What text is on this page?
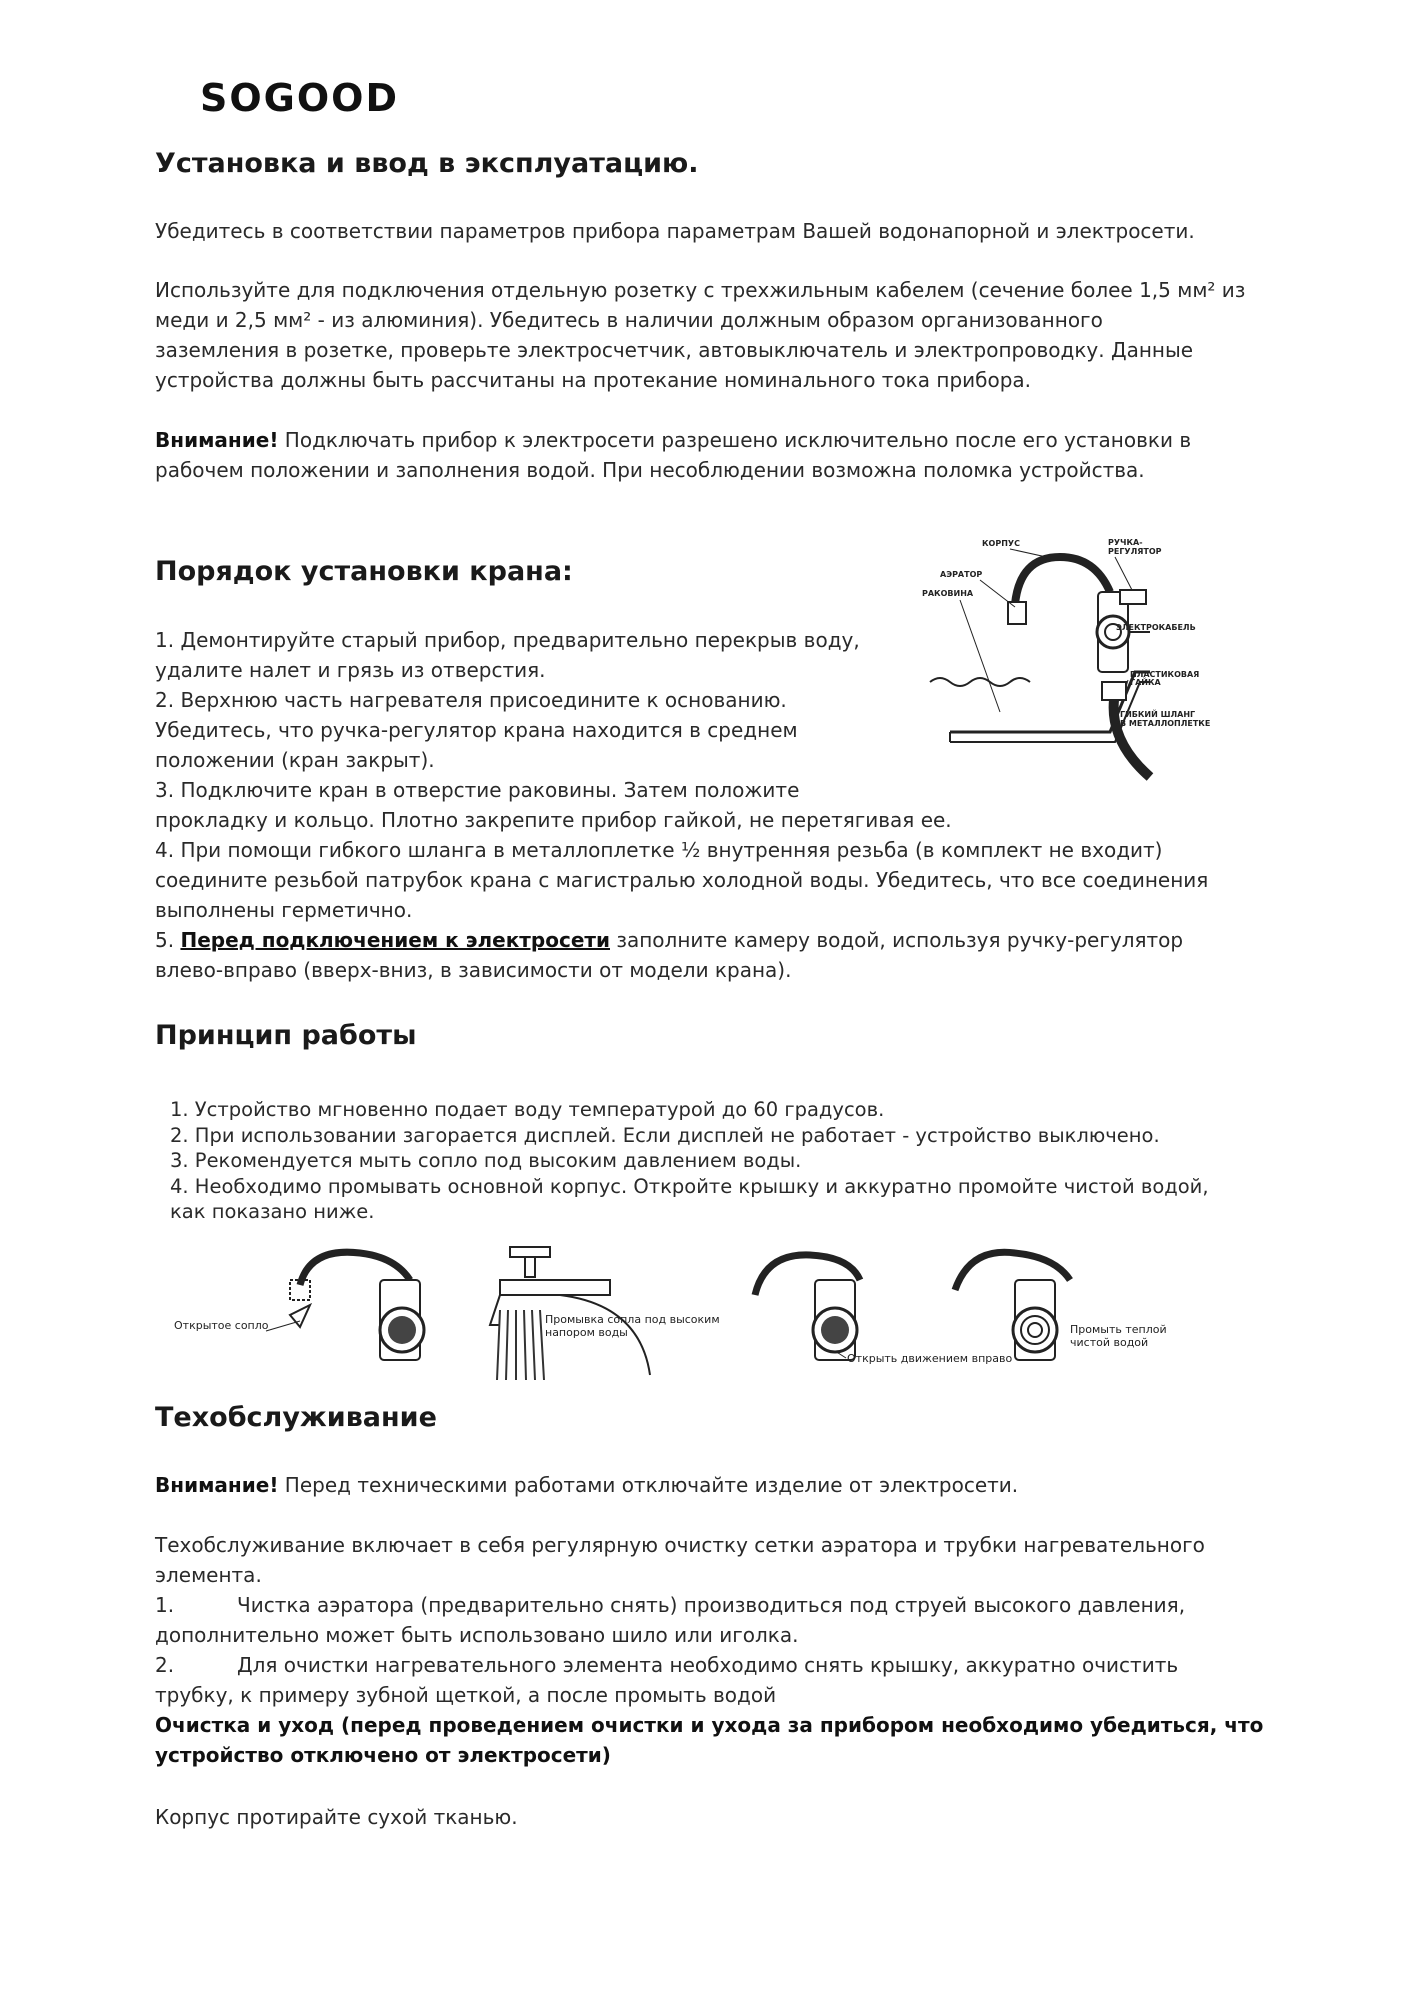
SOGOOD
Установка и ввод в эксплуатацию.
Убедитесь в соответствии параметров прибора параметрам Вашей водонапорной и электросети.
Используйте для подключения отдельную розетку с трехжильным кабелем (сечение более 1,5 мм² из
меди и 2,5 мм² - из алюминия). Убедитесь в наличии должным образом организованного
заземления в розетке, проверьте электросчетчик, автовыключатель и электропроводку. Данные
устройства должны быть рассчитаны на протекание номинального тока прибора.
Внимание! Подключать прибор к электросети разрешено исключительно после его установки в
рабочем положении и заполнения водой. При несоблюдении возможна поломка устройства.
Порядок установки крана:
КОРПУС
АЭРАТОР
РАКОВИНА
РУЧКА-
РЕГУЛЯТОР
ЭЛЕКТРОКАБЕЛЬ
ПЛАСТИКОВАЯ
ГАЙКА
ГИБКИЙ ШЛАНГ
В МЕТАЛЛОПЛЕТКЕ
1. Демонтируйте старый прибор, предварительно перекрыв воду,
удалите налет и грязь из отверстия.
2. Верхнюю часть нагревателя присоедините к основанию.
Убедитесь, что ручка-регулятор крана находится в среднем
положении (кран закрыт).
3. Подключите кран в отверстие раковины. Затем положите
прокладку и кольцо. Плотно закрепите прибор гайкой, не перетягивая ее.
4. При помощи гибкого шланга в металлоплетке ½ внутренняя резьба (в комплект не входит)
соедините резьбой патрубок крана с магистралью холодной воды. Убедитесь, что все соединения
выполнены герметично.
5. Перед подключением к электросети заполните камеру водой, используя ручку-регулятор
влево-вправо (вверх-вниз, в зависимости от модели крана).
Принцип работы
1. Устройство мгновенно подает воду температурой до 60 градусов.
2. При использовании загорается дисплей. Если дисплей не работает - устройство выключено.
3. Рекомендуется мыть сопло под высоким давлением воды.
4. Необходимо промывать основной корпус. Откройте крышку и аккуратно промойте чистой водой,
как показано ниже.
Открытое сопло	Промывка сопла под высоким
напором воды
Открыть движением вправо
Промыть теплой
чистой водой
Техобслуживание
Внимание! Перед техническими работами отключайте изделие от электросети.
Техобслуживание включает в себя регулярную очистку сетки аэратора и трубки нагревательного
элемента.
1.	Чистка аэратора (предварительно снять) производиться под струей высокого давления,
дополнительно может быть использовано шило или иголка.
2.	Для очистки нагревательного элемента необходимо снять крышку, аккуратно очистить
трубку, к примеру зубной щеткой, а после промыть водой
Очистка и уход (перед проведением очистки и ухода за прибором необходимо убедиться, что
устройство отключено от электросети)
Корпус протирайте сухой тканью.
